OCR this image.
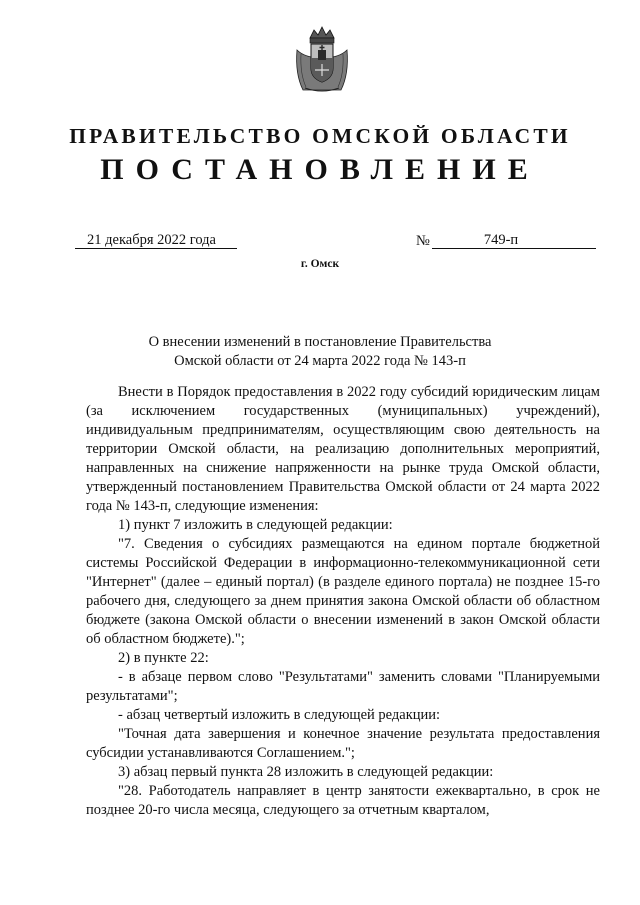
ПРАВИТЕЛЬСТВО ОМСКОЙ ОБЛАСТИ
ПОСТАНОВЛЕНИЕ
21 декабря 2022 года	№	749-п
г. Омск
О внесении изменений в постановление Правительства
Омской области от 24 марта 2022 года № 143-п

Внести в Порядок предоставления в 2022 году субсидий юридическим лицам (за исключением государственных (муниципальных) учреждений), индивидуальным предпринимателям, осуществляющим свою деятельность на территории Омской области, на реализацию дополнительных мероприятий, направленных на снижение напряженности на рынке труда Омской области, утвержденный постановлением Правительства Омской области от 24 марта 2022 года № 143-п, следующие изменения:

1) пункт 7 изложить в следующей редакции:

"7. Сведения о субсидиях размещаются на едином портале бюджетной системы Российской Федерации в информационно-телекоммуникационной сети "Интернет" (далее – единый портал) (в разделе единого портала) не позднее 15-го рабочего дня, следующего за днем принятия закона Омской области об областном бюджете (закона Омской области о внесении изменений в закон Омской области об областном бюджете).";

2) в пункте 22:

- в абзаце первом слово "Результатами" заменить словами "Планируемыми результатами";

- абзац четвертый изложить в следующей редакции:

"Точная дата завершения и конечное значение результата предоставления субсидии устанавливаются Соглашением.";

3) абзац первый пункта 28 изложить в следующей редакции:

"28. Работодатель направляет в центр занятости ежеквартально, в срок не позднее 20-го числа месяца, следующего за отчетным кварталом,
